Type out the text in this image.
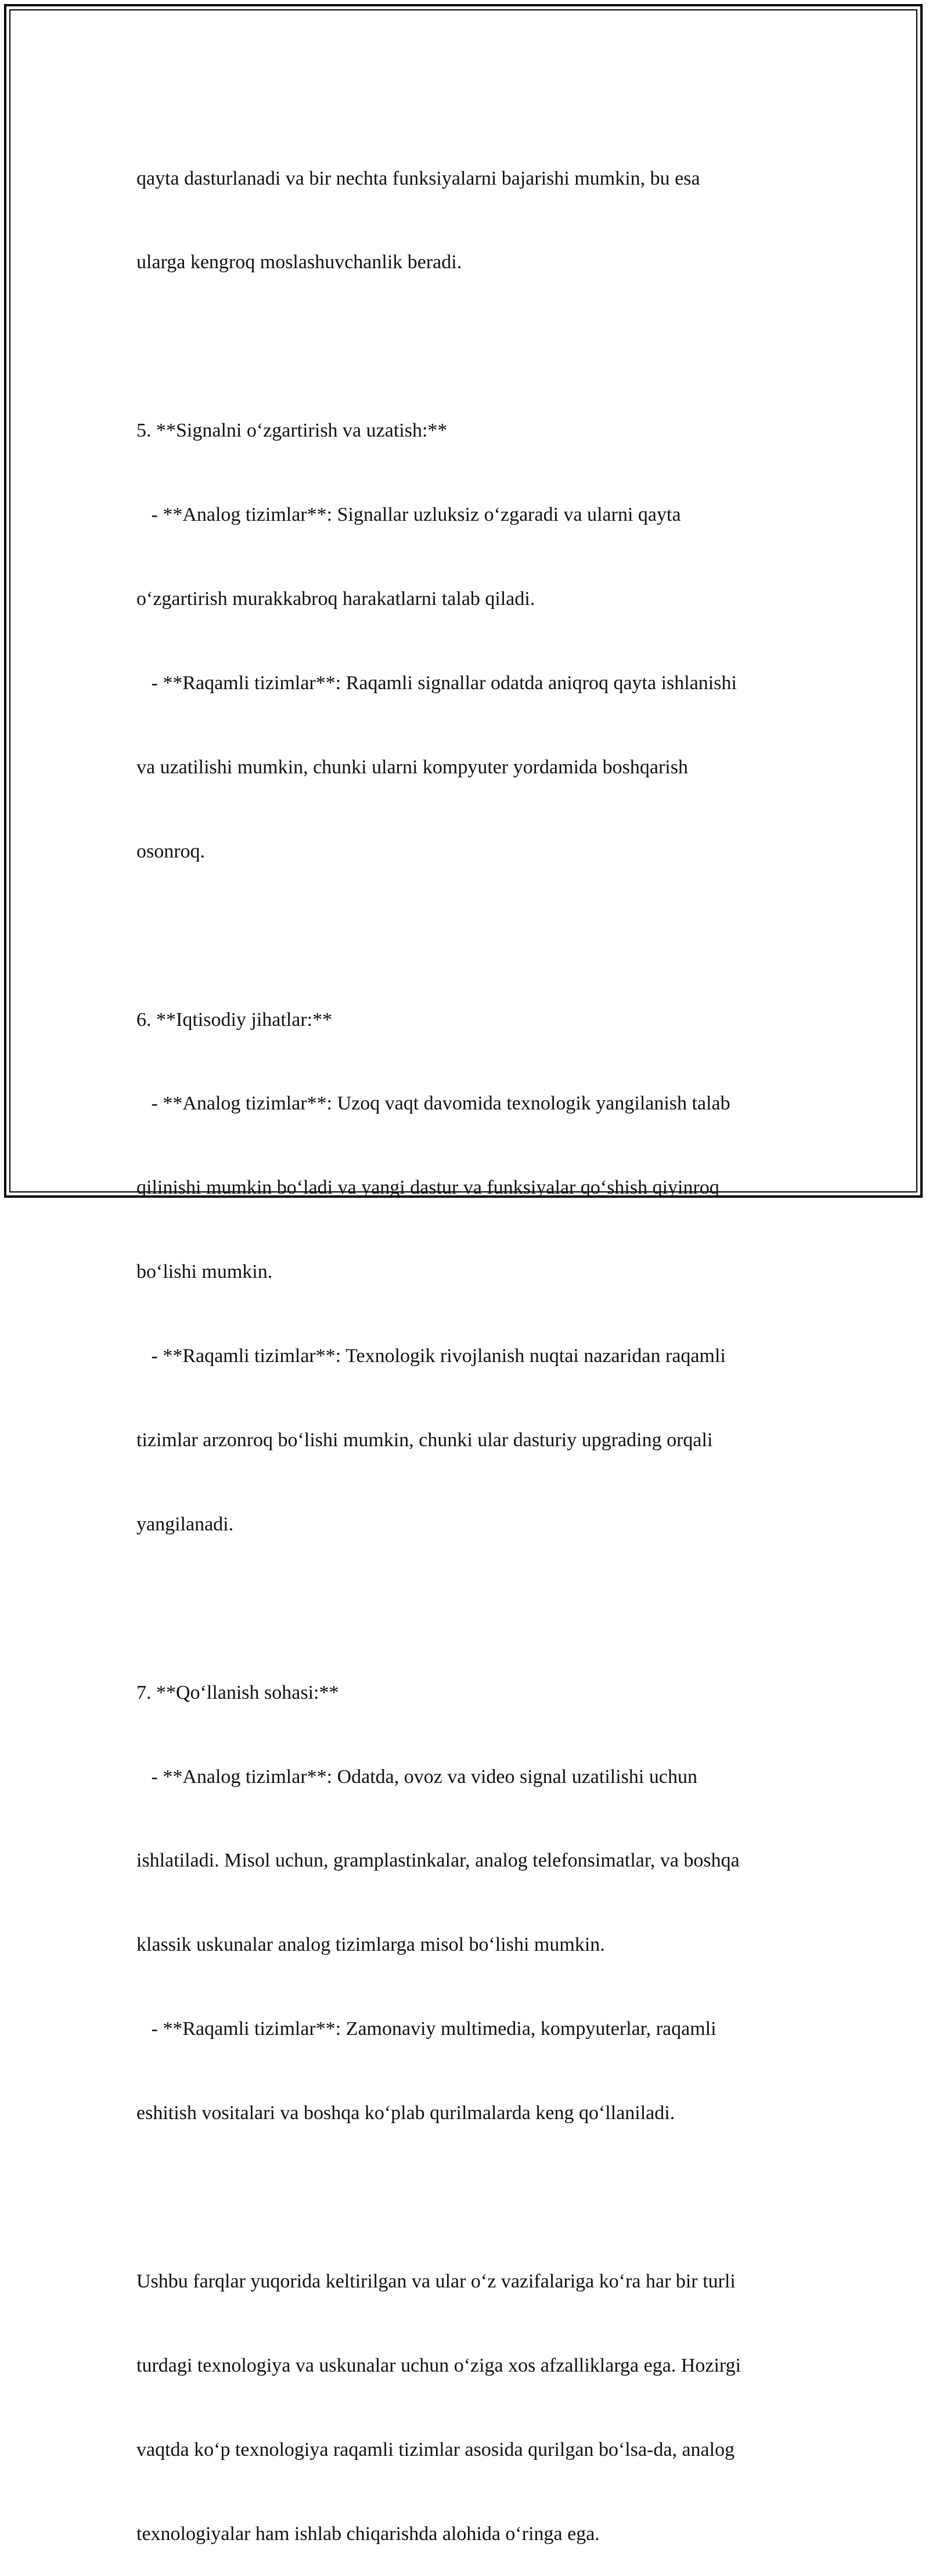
qayta dasturlanadi va bir nechta funksiyalarni bajarishi mumkin, bu esa

ularga kengroq moslashuvchanlik beradi.

5. **Signalni o‘zgartirish va uzatish:**

- **Analog tizimlar**: Signallar uzluksiz o‘zgaradi va ularni qayta

o‘zgartirish murakkabroq harakatlarni talab qiladi.

- **Raqamli tizimlar**: Raqamli signallar odatda aniqroq qayta ishlanishi

va uzatilishi mumkin, chunki ularni kompyuter yordamida boshqarish

osonroq.

6. **Iqtisodiy jihatlar:**

- **Analog tizimlar**: Uzoq vaqt davomida texnologik yangilanish talab

qilinishi mumkin bo‘ladi va yangi dastur va funksiyalar qo‘shish qiyinroq

bo‘lishi mumkin.

- **Raqamli tizimlar**: Texnologik rivojlanish nuqtai nazaridan raqamli

tizimlar arzonroq bo‘lishi mumkin, chunki ular dasturiy upgrading orqali

yangilanadi.

7. **Qo‘llanish sohasi:**

- **Analog tizimlar**: Odatda, ovoz va video signal uzatilishi uchun

ishlatiladi. Misol uchun, gramplastinkalar, analog telefonsimatlar, va boshqa

klassik uskunalar analog tizimlarga misol bo‘lishi mumkin.

- **Raqamli tizimlar**: Zamonaviy multimedia, kompyuterlar, raqamli

eshitish vositalari va boshqa ko‘plab qurilmalarda keng qo‘llaniladi.

Ushbu farqlar yuqorida keltirilgan va ular o‘z vazifalariga ko‘ra har bir turli

turdagi texnologiya va uskunalar uchun o‘ziga xos afzalliklarga ega. Hozirgi

vaqtda ko‘p texnologiya raqamli tizimlar asosida qurilgan bo‘lsa-da, analog

texnologiyalar ham ishlab chiqarishda alohida o‘ringa ega.
